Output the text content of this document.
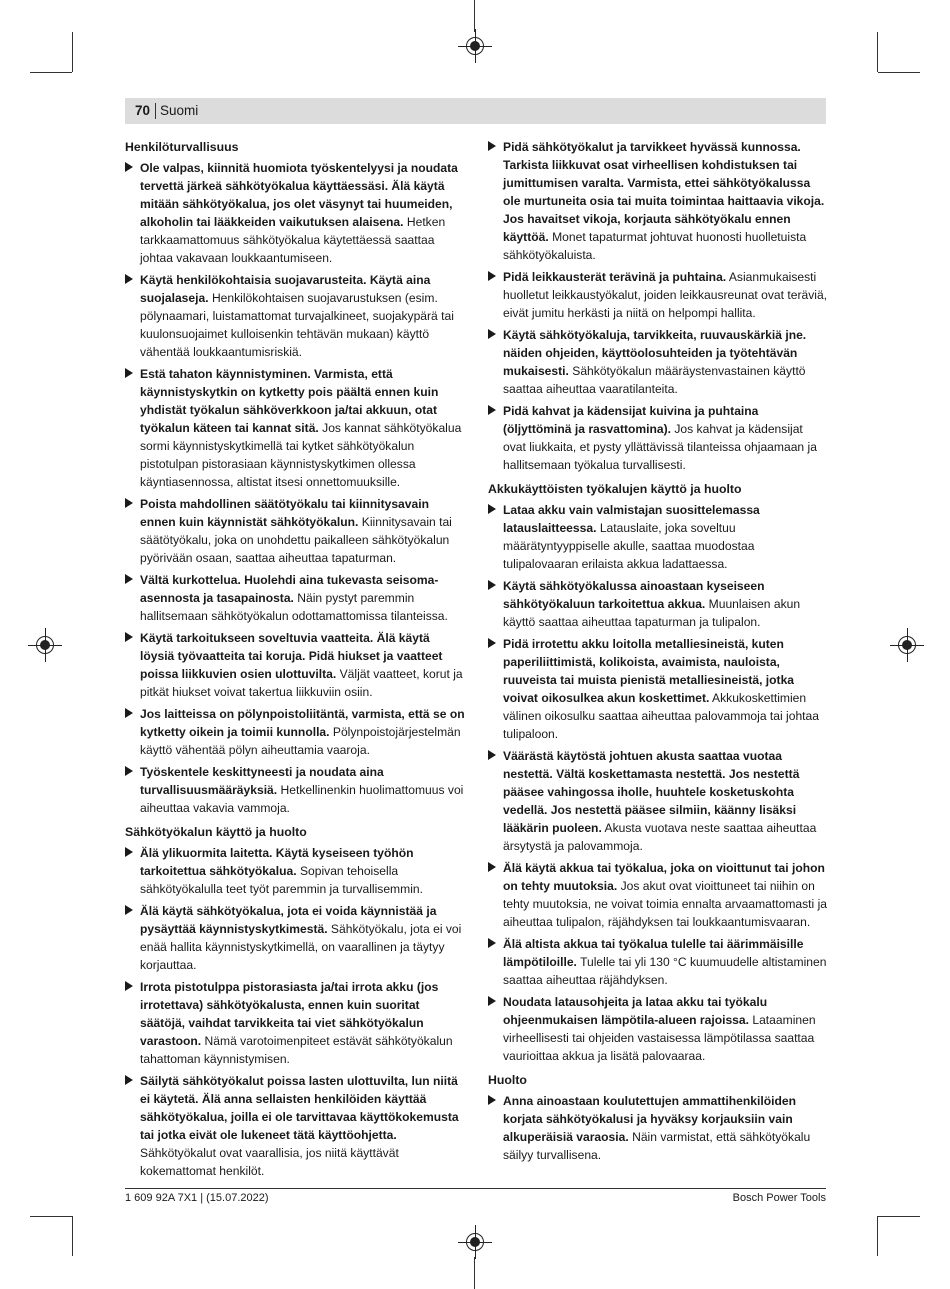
70 Suomi
Henkilöturvallisuus
Ole valpas, kiinnitä huomiota työskentelyysi ja noudata tervettä järkeä sähkötyökalua käyttäessäsi. Älä käytä mitään sähkötyökalua, jos olet väsynyt tai huumeiden, alkoholin tai lääkkeiden vaikutuksen alaisena. Hetken tarkkaamattomuus sähkötyökalua käytettäessä saattaa johtaa vakavaan loukkaantumiseen.
Käytä henkilökohtaisia suojavarusteita. Käytä aina suojalaseja. Henkilökohtaisen suojavarustuksen (esim. pölynaamari, luistamattomat turvajalkineet, suojakypärä tai kuulonsuojaimet kulloisenkin tehtävän mukaan) käyttö vähentää loukkaantumisriskiä.
Estä tahaton käynnistyminen. Varmista, että käynnistyskytkin on kytketty pois päältä ennen kuin yhdistät työkalun sähköverkkoon ja/tai akkuun, otat työkalun käteen tai kannat sitä. Jos kannat sähkötyökalua sormi käynnistyskytkimellä tai kytket sähkötyökalun pistotulpan pistorasiaan käynnistyskytkimen ollessa käyntiasennossa, altistat itsesi onnettomuuksille.
Poista mahdollinen säätötyökalu tai kiinnitysavain ennen kuin käynnistät sähkötyökalun. Kiinnitysavain tai säätötyökalu, joka on unohdettu paikalleen sähkötyökalun pyörivään osaan, saattaa aiheuttaa tapaturman.
Vältä kurkottelua. Huolehdi aina tukevasta seisoma-asennosta ja tasapainosta. Näin pystyt paremmin hallitsemaan sähkötyökalun odottamattomissa tilanteissa.
Käytä tarkoitukseen soveltuvia vaatteita. Älä käytä löysiä työvaatteita tai koruja. Pidä hiukset ja vaatteet poissa liikkuvien osien ulottuvilta. Väljät vaatteet, korut ja pitkät hiukset voivat takertua liikkuviin osiin.
Jos laitteissa on pölynpoistoliitäntä, varmista, että se on kytketty oikein ja toimii kunnolla. Pölynpoistojärjestelmän käyttö vähentää pölyn aiheuttamia vaaroja.
Työskentele keskittyneesti ja noudata aina turvallisuusmääräyksiä. Hetkellinenkin huolimattomuus voi aiheuttaa vakavia vammoja.
Sähkötyökalun käyttö ja huolto
Älä ylikuormita laitetta. Käytä kyseiseen työhön tarkoitettua sähkötyökalua. Sopivan tehoisella sähkötyökalulla teet työt paremmin ja turvallisemmin.
Älä käytä sähkötyökalua, jota ei voida käynnistää ja pysäyttää käynnistyskytkimestä. Sähkötyökalu, jota ei voi enää hallita käynnistyskytkimellä, on vaarallinen ja täytyy korjauttaa.
Irrota pistotulppa pistorasiasta ja/tai irrota akku (jos irrotettava) sähkötyökalusta, ennen kuin suoritat säätöjä, vaihdat tarvikkeita tai viet sähkötyökalun varastoon. Nämä varotoimenpiteet estävät sähkötyökalun tahattoman käynnistymisen.
Säilytä sähkötyökalut poissa lasten ulottuvilta, lun niitä ei käytetä. Älä anna sellaisten henkilöiden käyttää sähkötyökalua, joilla ei ole tarvittavaa käyttökokemusta tai jotka eivät ole lukeneet tätä käyttöohjetta. Sähkötyökalut ovat vaarallisia, jos niitä käyttävät kokemattomat henkilöt.
Pidä sähkötyökalut ja tarvikkeet hyvässä kunnossa. Tarkista liikkuvat osat virheellisen kohdistuksen tai jumittumisen varalta. Varmista, ettei sähkötyökalussa ole murtuneita osia tai muita toimintaa haittaavia vikoja. Jos havaitset vikoja, korjauta sähkötyökalu ennen käyttöä. Monet tapaturmat johtuvat huonosti huolletuista sähkötyökaluista.
Pidä leikkausterät terävinä ja puhtaina. Asianmukaisesti huolletut leikkaustyökalut, joiden leikkausreunat ovat teräviä, eivät jumitu herkästi ja niitä on helpompi hallita.
Käytä sähkötyökaluja, tarvikkeita, ruuvauskärkiä jne. näiden ohjeiden, käyttöolosuhteiden ja työtehtävän mukaisesti. Sähkötyökalun määräystenvastainen käyttö saattaa aiheuttaa vaaratilanteita.
Pidä kahvat ja kädensijat kuivina ja puhtaina (öljyttöminä ja rasvattomina). Jos kahvat ja kädensijat ovat liukkaita, et pysty yllättävissä tilanteissa ohjaamaan ja hallitsemaan työkalua turvallisesti.
Akkukäyttöisten työkalujen käyttö ja huolto
Lataa akku vain valmistajan suosittelemassa latauslaitteessa. Latauslaite, joka soveltuu määrätyntyyppiselle akulle, saattaa muodostaa tulipalovaaran erilaista akkua ladattaessa.
Käytä sähkötyökalussa ainoastaan kyseiseen sähkötyökaluun tarkoitettua akkua. Muunlaisen akun käyttö saattaa aiheuttaa tapaturman ja tulipalon.
Pidä irrotettu akku loitolla metalliesineistä, kuten paperiliittimistä, kolikoista, avaimista, nauloista, ruuveista tai muista pienistä metalliesineistä, jotka voivat oikosulkea akun koskettimet. Akkukoskettimien välinen oikosulku saattaa aiheuttaa palovammoja tai johtaa tulipaloon.
Väärästä käytöstä johtuen akusta saattaa vuotaa nestettä. Vältä koskettamasta nestettä. Jos nestettä pääsee vahingossa iholle, huuhtele kosketuskohta vedellä. Jos nestettä pääsee silmiin, käänny lisäksi lääkärin puoleen. Akusta vuotava neste saattaa aiheuttaa ärsytystä ja palovammoja.
Älä käytä akkua tai työkalua, joka on vioittunut tai johon on tehty muutoksia. Jos akut ovat vioittuneet tai niihin on tehty muutoksia, ne voivat toimia ennalta arvaamattomasti ja aiheuttaa tulipalon, räjähdyksen tai loukkaantumisvaaran.
Älä altista akkua tai työkalua tulelle tai äärimmäisille lämpötiloille. Tulelle tai yli 130 °C kuumuudelle altistaminen saattaa aiheuttaa räjähdyksen.
Noudata latausohjeita ja lataa akku tai työkalu ohjeenmukaisen lämpötila-alueen rajoissa. Lataaminen virheellisesti tai ohjeiden vastaisessa lämpötilassa saattaa vaurioittaa akkua ja lisätä palovaaraa.
Huolto
Anna ainoastaan koulutettujen ammattihenkilöiden korjata sähkötyökalusi ja hyväksy korjauksiin vain alkuperäisiä varaosia. Näin varmistat, että sähkötyökalu säilyy turvallisena.
1 609 92A 7X1 | (15.07.2022)	Bosch Power Tools
